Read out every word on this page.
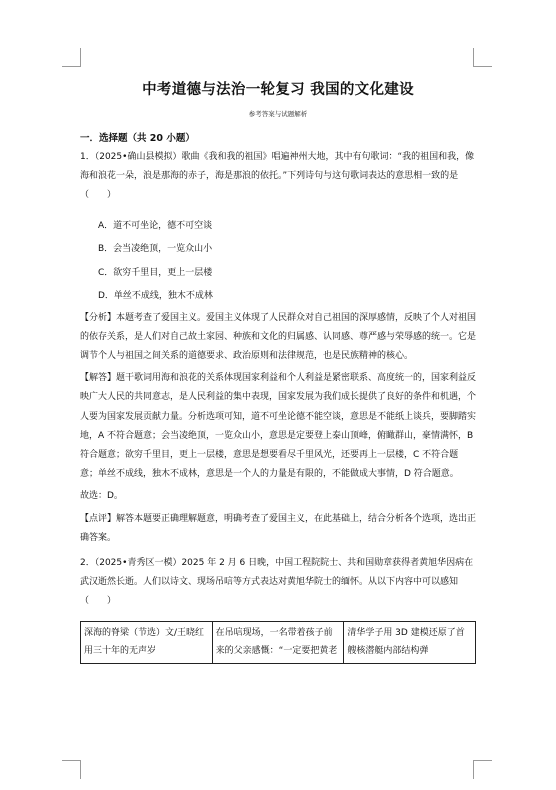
中考道德与法治一轮复习 我国的文化建设
参考答案与试题解析
一．选择题（共 20 小题）

1．（2025•确山县模拟）歌曲《我和我的祖国》唱遍神州大地，其中有句歌词：“我的祖国和我，像海和浪花一朵，浪是那海的赤子，海是那浪的依托。”下列诗句与这句歌词表达的意思相一致的是（　　）

A．道不可坐论，德不可空谈
B．会当凌绝顶，一览众山小
C．欲穷千里目，更上一层楼
D．单丝不成线，独木不成林

【分析】本题考查了爱国主义。爱国主义体现了人民群众对自己祖国的深厚感情，反映了个人对祖国的依存关系，是人们对自己故土家园、种族和文化的归属感、认同感、尊严感与荣辱感的统一。它是调节个人与祖国之间关系的道德要求、政治原则和法律规范，也是民族精神的核心。

【解答】题干歌词用海和浪花的关系体现国家利益和个人利益是紧密联系、高度统一的，国家利益反映广大人民的共同意志，是人民利益的集中表现，国家发展为我们成长提供了良好的条件和机遇，个人要为国家发展贡献力量。分析选项可知，道不可坐论德不能空谈，意思是不能纸上谈兵，要脚踏实地，A 不符合题意；会当凌绝顶，一览众山小，意思是定要登上泰山顶峰，俯瞰群山，豪情满怀，B 符合题意；欲穷千里目，更上一层楼，意思是想要看尽千里风光，还要再上一层楼，C 不符合题意；单丝不成线，独木不成林，意思是一个人的力量是有限的，不能做成大事情，D 符合题意。

故选：D。

【点评】解答本题要正确理解题意，明确考查了爱国主义，在此基础上，结合分析各个选项，选出正确答案。

2．（2025•青秀区一模）2025 年 2 月 6 日晚，中国工程院院士、共和国勋章获得者黄旭华因病在武汉逝然长逝。人们以诗文、现场吊唁等方式表达对黄旭华院士的缅怀。从以下内容中可以感知（　　）

深海的脊梁（节选）文/王晓红用三十年的无声岁	在吊唁现场，一名带着孩子前来的父亲感慨：“一定要把黄老	清华学子用 3D 建模还原了首艘核潜艇内部结构弹
